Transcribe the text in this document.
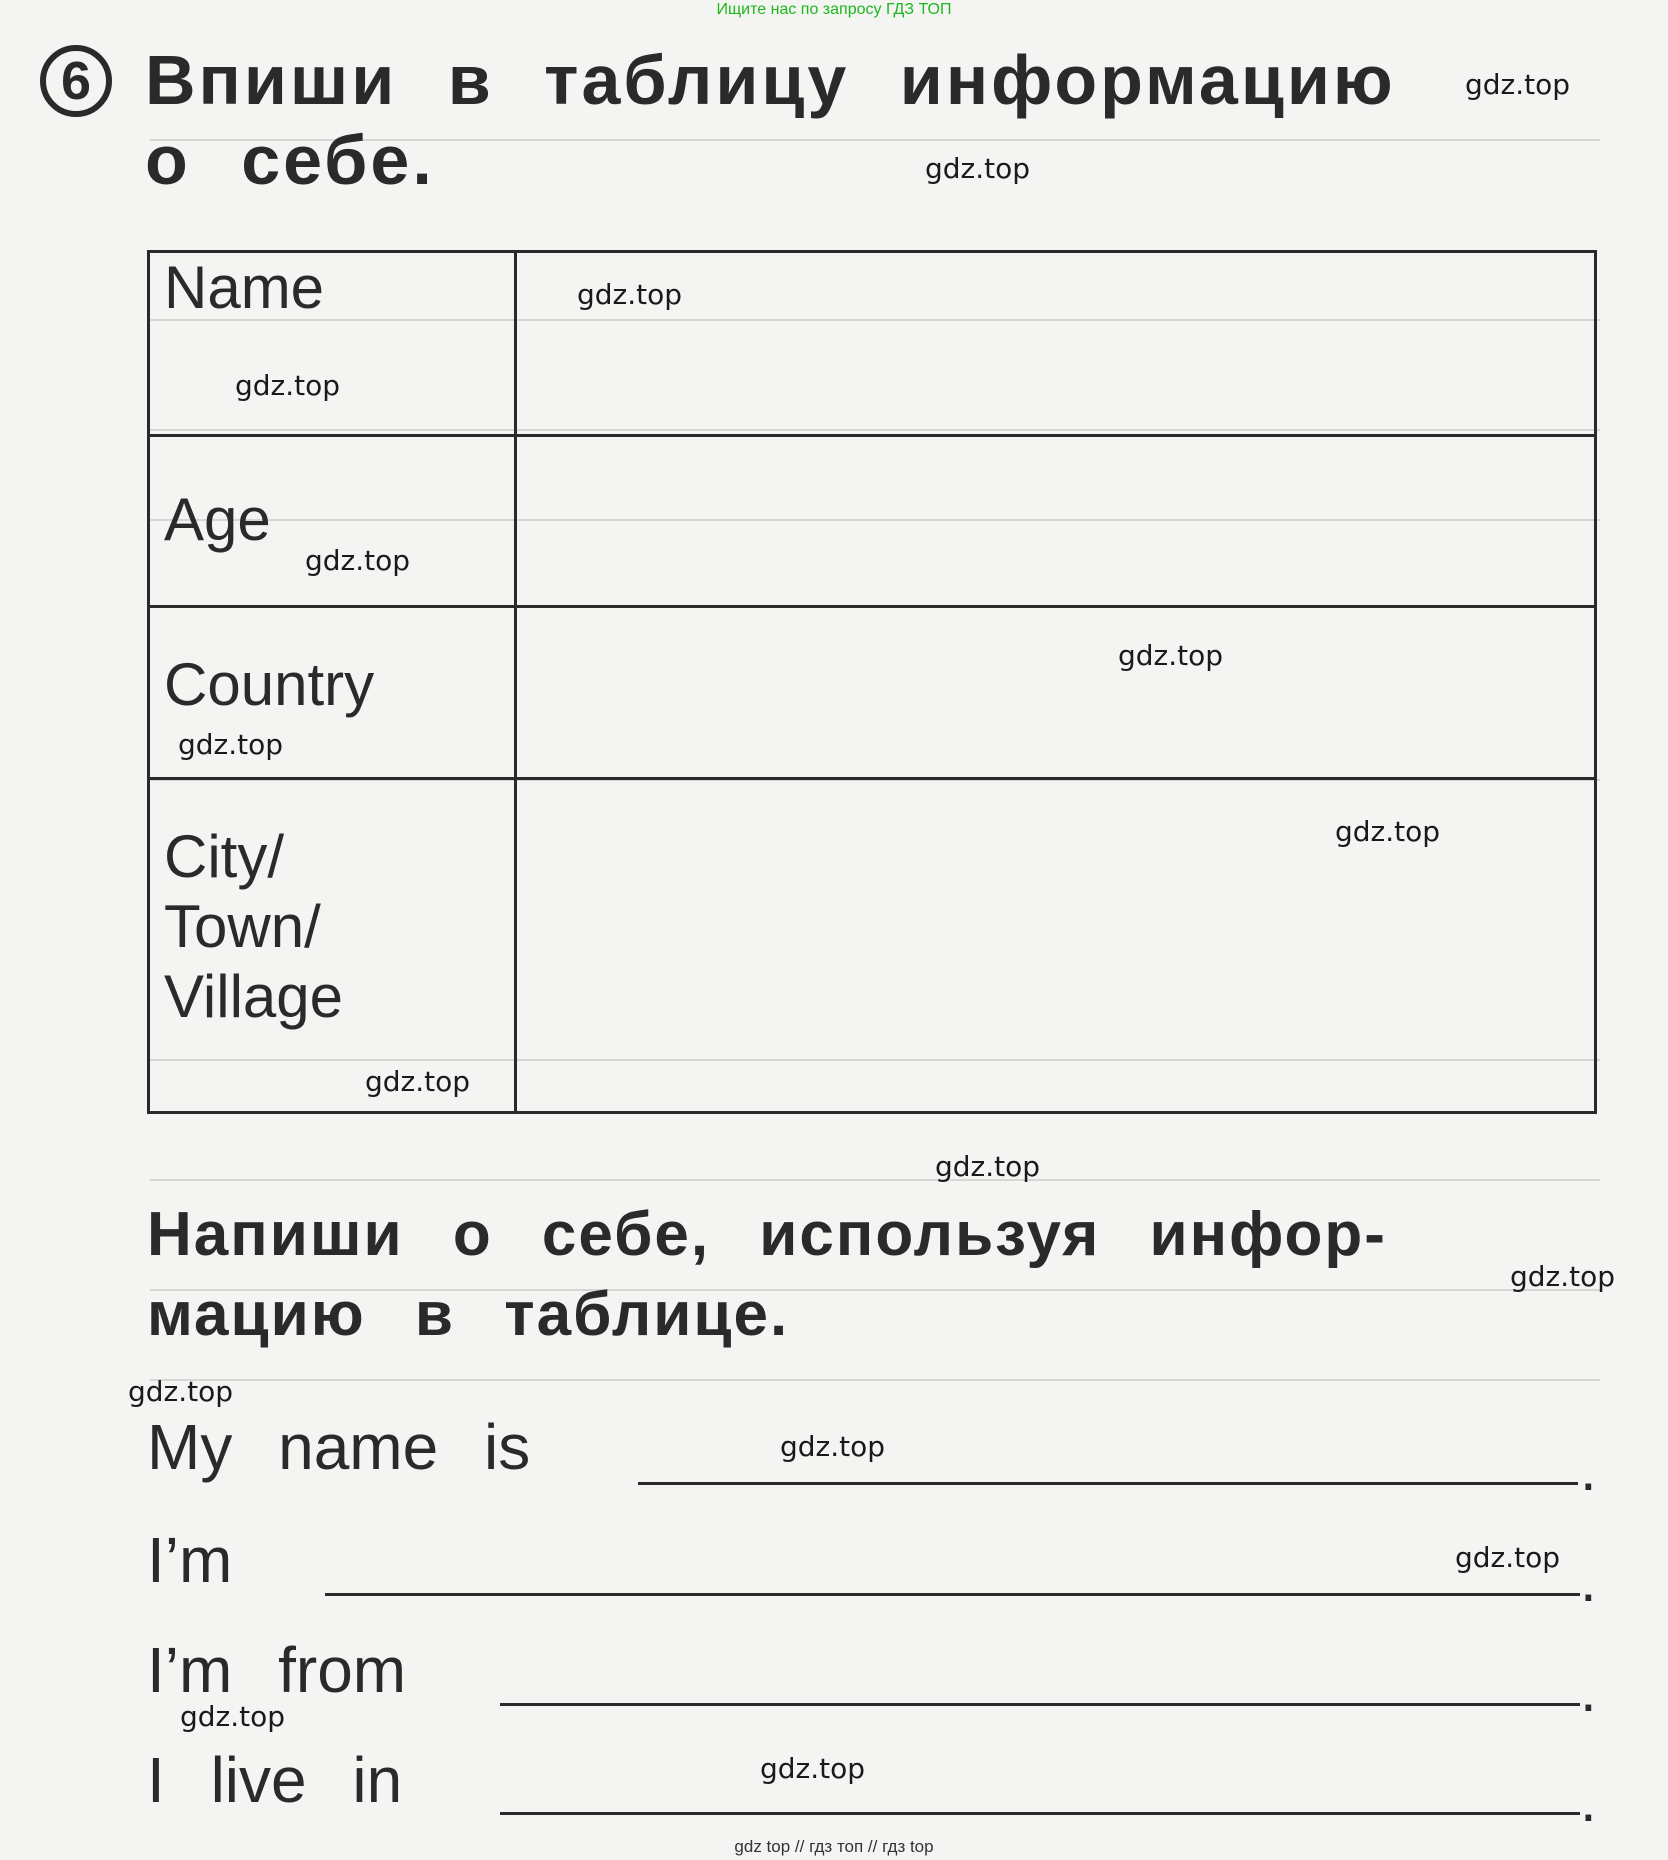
Ищите нас по запросу ГДЗ ТОП
6 Впиши в таблицу информацию
о себе.
Name	

Age	

Country	

City/
Town/
Village	

Напиши о себе, используя инфор-
мацию в таблице.
My name is	.
I’m	.
I’m from	.
I live in	.
gdz.top
gdz.top
gdz.top
gdz.top
gdz.top
gdz.top
gdz.top
gdz.top
gdz.top
gdz.top
gdz.top
gdz.top
gdz.top
gdz.top
gdz.top
gdz.top
gdz top // гдз топ // гдз top
